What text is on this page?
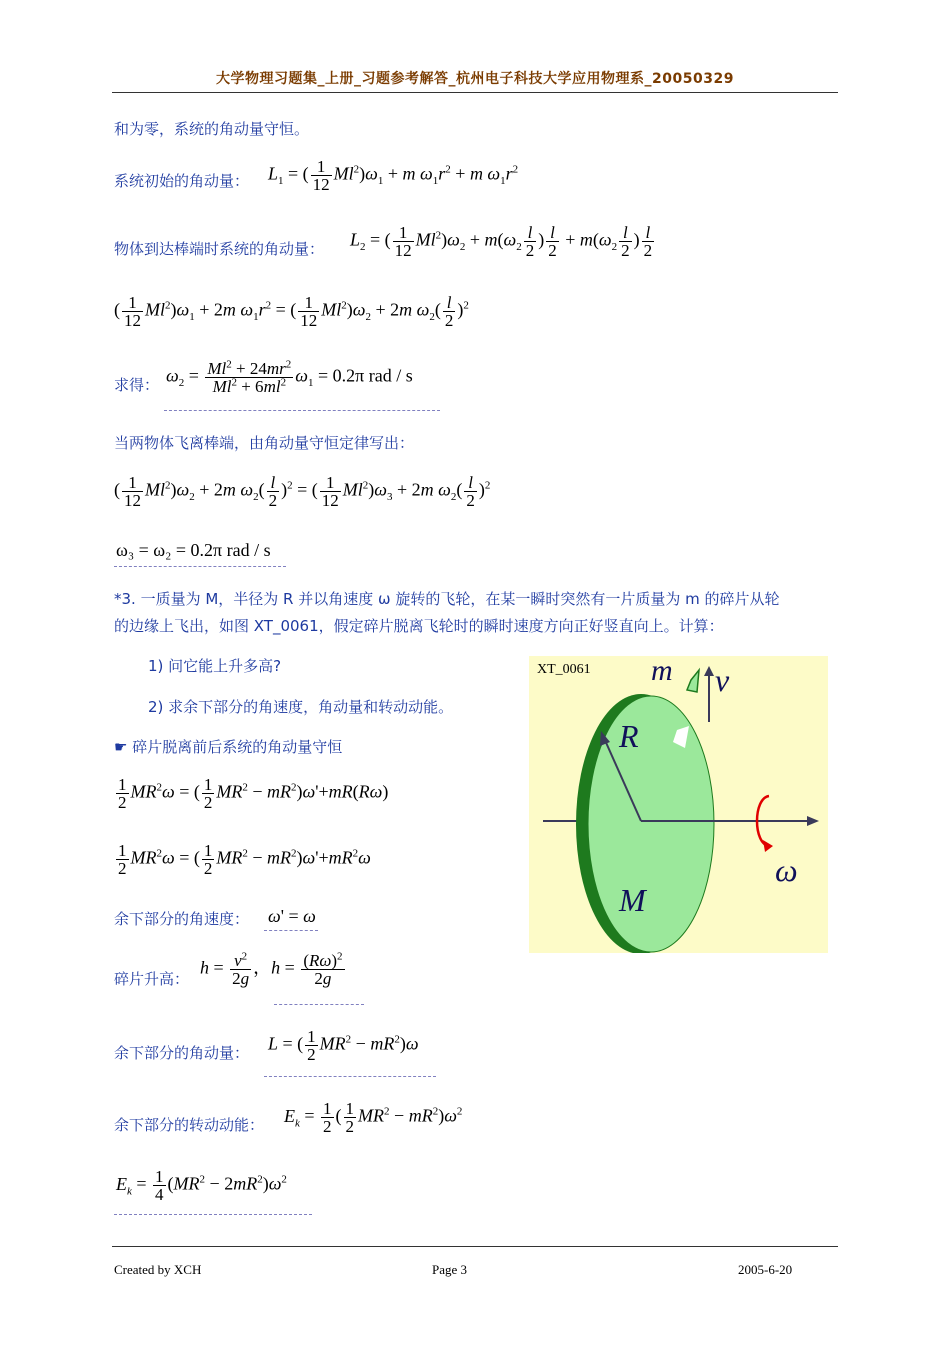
大学物理习题集_上册_习题参考解答_杭州电子科技大学应用物理系_20050329
和为零，系统的角动量守恒。
系统初始的角动量： $L_1$ = ( $\frac{1}{12} Ml^2)\omega_1 + m$ $\omega_1r^2 + m$ $\omega_1r^2$
物体到达棒端时系统的角动量： $L_2$ = ( $\frac{1}{12} Ml^2)\omega_2 + m(\omega_2 \frac{l}{2}$ ) $\frac{l}{2} + m(\omega_2 \frac{l}{2}$ ) $\frac{l}{2}$
( $\frac{1}{12} Ml^2)\omega_1 + 2m$ $\omega_1r^2$ = ( $\frac{1}{12} Ml^2)\omega_2 + 2m$ $\omega_2( \frac{l}{2} )^2$
求得： $\omega_2 = \frac{Ml^2 + 24mr^2}{Ml^2 + 6ml^2} \omega_1 = 0.2\pi$ rad / s
当两物体飞离棒端，由角动量守恒定律写出：
( $\frac{1}{12} Ml^2)\omega_2 + 2m$ $\omega_2( \frac{l}{2} )^2$ = ( $\frac{1}{12} Ml^2)\omega_3 + 2m$ $\omega_2( \frac{l}{2} )^2$
ω₃ = ω₂ = 0.2π rad / s
*3. 一质量为 M，半径为 R 并以角速度 ω 旋转的飞轮，在某一瞬时突然有一片质量为 m 的碎片从轮
的边缘上飞出，如图 XT_0061，假定碎片脱离飞轮时的瞬时速度方向正好竖直向上。计算：
1) 问它能上升多高?
2) 求余下部分的角速度，角动量和转动动能。
☛ 碎片脱离前后系统的角动量守恒
$\frac{1}{2} MR^2\omega$ = ( $\frac{1}{2} MR^2 - mR^2)\omega'+mR(R\omega)$
$\frac{1}{2} MR^2\omega$ = ( $\frac{1}{2} MR^2 - mR^2)\omega'+mR^2\omega$
余下部分的角速度： ω' = ω
碎片升高：
$h = \frac{v^2}{2g}$ ，$h = \frac{(R\omega)^2}{2g}$
余下部分的角动量： L = ( $\frac{1}{2} MR^2 - mR^2)\omega$
余下部分的转动动能： $E_k = \frac{1}{2}$ ( $\frac{1}{2} MR^2 - mR^2)\omega^2$
$E_k = \frac{1}{4} (MR^2 - 2mR^2)\omega^2$
XT_0061 m v
R
M
ω
Created by XCH	Page 3	2005-6-20
